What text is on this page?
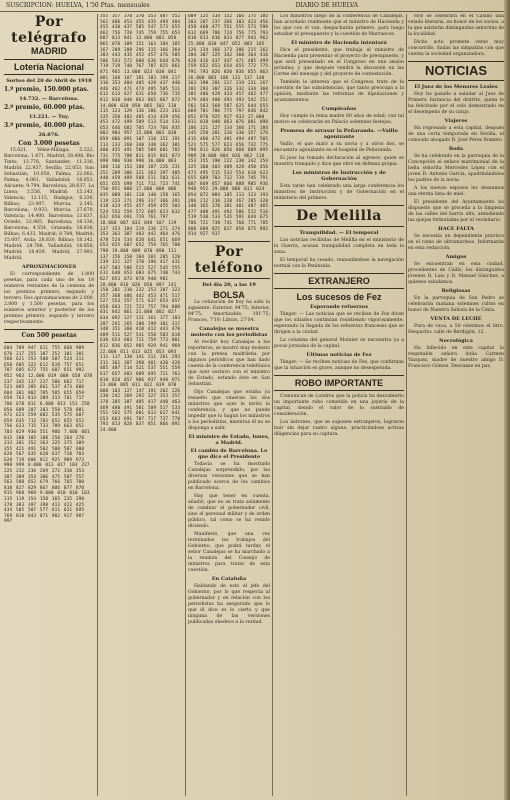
SUSCRIPCION: HUELVA, 1'50 Ptas. mensuales	DIARIO DE HUELVA
Por telégrafo
MADRID
Lotería Nacional
Sorteo del 20 de Abril de 1918
1.º premio, 150.000 ptas.
14.732. — Barcelona.
2.º premio, 60.000 ptas.
13.221. — Tuy.
3.º premio, 40.000 ptas.
26.876.
Con 3.000 pesetas

15.021, Vélez-Málaga; 5.322, Barcelona; 1.471, Madrid; 28.408, Río Tinto; 13.776, Santander; 11.336, Madrid; 22.937, Sevilla; 22.053, San Sebastián; 10.050, Palma; 22.002, Palma; 4.061, Valladolid; 18.853, Alicante; 9.794, Barcelona; 28.637, La Linea; 3.556, Madrid; 15.143, Valencia; 12.115, Badajoz; 6.336, Bilbao; 23.407, Murcia; 2.145, Barcelona; 9.933, Murcia; 27.670, Valencia; 14.400, Barcelona; 13.837, Oviedo; 23.985, Barcelona; 18.136, Barcelona; 4.554, Granada; 18.838, Bilbao; 6.433, Madrid; 8.784, Madrid; 15.007, Avila; 28.830, Bilbao; 18.142, Madrid; 28.788, Valladolid; 18.858, Madrid; 18.459, Madrid; 27.993, Madrid.

APROXIMACIONES

El correspondiente de 1.000 pesetas, para cada uno de los 18 números restantes de la centena de los premios primero, segundo y tercero. Dos aproximaciones de 2.000, 2.000 y 1.500 pesetas, para los números anterior y posterior de los premios primero, segundo y tercero respectivamente.

Con 500 pesetas
604 709 947 611 755 668 909 676 217 255 107 252 101 301 560 621 553 508 507 524 211 658 605 322 612 619 757 651 707 605 672 755 607 651 992 952 963 12.000 019 008 658 078 237 345 137 237 506 662 717 523 005 205 661 537 473 606 604 301 802 705 505 655 659 659 763 813 209 313 701 717 706 678 811 6.000 013 151 258 056 609 207 303 558 578 001 672 623 559 002 535 575 607 659 635 712 703 652 655 652 756 623 715 733 789 663 851 703 829 930 551 906 7.000 001 015 100 105 188 250 264 270 313 301 352 363 325 375 309 355 421 491 502 508 507 600 620 567 635 628 637 710 703 620 719 606 812 925 909 973 998 999 8.000 013 017 103 227 225 232 236 269 272 330 353 387 309 354 386 475 507 557 563 588 652 679 766 765 700 810 827 829 867 806 877 870 915 968 969 9.000 010 010 103 115 119 154 158 165 235 290 370 383 397 398 413 423 425 434 505 507 577 611 621 695 769 818 843 871 902 917 987 997
355 357 378 370 353 487 552 562 406 453 455 435 494 484 455 430 437 505 547 573 655 662 756 728 745 759 755 653 887 813 841 12.000 001 058 061 078 109 151 163 184 185 167 209 288 296 315 366 364 383 443 435 452 457 476 505 506 543 572 600 636 644 676 719 719 740 767 707 825 861 871 965 13.000 023 038 041 081 160 187 181 183 199 217 316 353 404 405 428 437 446 446 462 471 474 495 505 511 612 613 627 631 650 736 735 812 838 840 863 865 867 872 14.000 020 050 065 102 110 115 123 129 136 206 223 263 335 350 402 405 414 429 456 453 472 499 509 513 514 531 653 646 682 705 724 766 835 882 903 957 15.000 003 038 059 086 091 107 110 151 191 213 233 268 340 348 362 381 400 455 491 505 509 601 702 731 775 780 811 815 841 873 890 906 930 990 16.000 063 108 116 153 180 187 226 231 251 289 306 321 363 397 405 440 459 489 508 511 583 611 651 655 698 711 711 723 741 750 851 888 17.000 000 006 035 088 101 110 140 158 165 219 223 271 296 317 366 391 418 424 455 457 459 455 503 524 553 559 572 605 623 632 632 656 691 719 761 797 18.000 007 033 048 107 119 137 153 184 219 236 271 274 353 363 387 403 442 464 476 478 524 534 620 641 651 669 653 655 687 652 759 765 780 798 19.000 009 070 090 111 137 156 158 184 201 205 228 239 321 327 370 396 417 431 437 503 506 515 527 545 555 611 640 653 683 675 740 743 827 853 873 878 948 981 20.000 016 026 050 097 141 158 201 210 232 253 287 323 357 368 406 442 453 471 517 527 553 557 571 637 653 657 658 663 721 723 757 794 800 831 842 861 21.000 002 027 034 092 127 131 161 177 183 207 241 265 288 299 301 317 348 351 368 410 412 443 470 489 511 527 541 550 583 618 630 654 683 711 759 773 801 812 836 852 905 929 941 969 22.000 011 013 025 053 093 111 117 138 141 211 261 293 311 361 387 398 401 420 426 485 487 514 521 537 551 559 617 657 683 689 695 721 763 818 828 857 906 937 948 971 23.000 005 011 022 039 070 088 103 127 147 191 202 226 238 242 269 292 327 353 357 378 385 387 405 417 440 463 469 480 491 501 509 517 533 551 562 575 601 613 627 641 653 663 691 707 717 737 778 793 813 828 837 851 866 891 24.000
009 125 134 152 166 175 185 203 207 237 366 383 423 456 458 460 477 551 555 573 596 612 669 706 724 756 775 793 810 813 816 833 877 943 962 25.000 030 047 052 083 105 126 134 166 173 206 215 262 284 307 325 342 360 364 416 420 426 437 447 471 485 499 559 652 653 654 655 772 775 791 793 826 830 836 855 863 26.000 083 106 131 137 140 163 190 201 217 219 231 267 281 293 307 326 332 334 360 381 406 428 433 457 462 477 479 484 488 493 493 542 551 561 563 568 587 625 644 655 669 701 706 775 797 836 842 851 870 925 927 933 27.000 011 018 040 063 076 081 098 106 121 127 134 160 171 184 245 250 281 316 330 357 376 415 460 472 481 494 497 505 521 575 577 623 656 732 775 798 811 826 856 860 889 895 909 28.000 004 026 062 118 153 155 190 222 230 242 254 325 360 403 409 428 450 456 473 495 515 533 554 610 623 655 689 703 712 739 745 791 807 849 857 866 888 905 936 948 952 29.000 006 011 024 054 072 084 105 113 123 193 206 212 216 238 267 285 320 340 365 370 381 401 407 465 477 480 491 492 506 512 516 519 530 533 535 591 644 675 706 721 738 741 760 771 785 800 809 825 837 858 875 892 914 927 937
Por teléfono
Del día 20, a las 19
BOLSA

La cotización de hoy ha sido la siguiente: Exterior, 94'75; Interior, 84'75; Amortizable, 101'75; Francos, 7'10; Libras, 27'04.

Canalejas se muestra molesto con los periodistas

Al recibir hoy Canalejas a los reporteros, se mostró muy molesto con la prensa madrileña por algunos periódicos que han dado cuenta de la conferencia telefónica que ayer sostuvo con el ministro de Estado, estando éste en San Sebastián.

Dijo Canalejas que estaba ya resuelto que vinieran los dos ministros que ayer le invitó la conferencia, y que no puede impedir que lo hagan los ministros a los periodistas, mientras él no se disponga a salir.

El ministro de Estado, lunes, a Madrid.
El cambio de Barcelona. Lo que dice el Presidente

Todavía se ha mostrado Canalejas sorprendido, por las diversas versiones que se han publicado acerca de los cambios en Barcelona.

Hay que tener en cuenta, añadió, que no se trata solamente de cambiar el gobernador civil, sino el personal militar y de orden público, tal como se ha venido diciendo.

Manifestó, que una vez terminados los trabajos del Gobierno, que podrá tardar, el señor Canalejas se ha marchado a la reunión del Consejo de ministros para tratar de esta cuestión.

En Cataluña

Hablando de esto el jefe del Gobierno, por lo que respecta al gobernador y en relación con los periodistas ha asegurado que lo que él dice es lo cierto y que ninguna de las versiones publicadas obedece a la verdad.

Los ministros luego de la conferencia de Canalejas, han acordado realmente que el ministro de Hacienda y los que con él van, despacharán primero, para luego estudiar el presupuesto y la cuestión de Marruecos.

El ministro de Hacienda intentará

Dice el presidente, que trabaja el ministro de Hacienda para presentar el proyecto de presupuesto, y que será presentado en el Congreso en una sesión próxima; y que después vendrá la discusión en las Cortes del mensaje y del proyecto de contestación.

También le interesa que el Congreso trate de la cuestión de las subsistencias, que tanto preocupa a la opinión, mediante las reformas de diputaciones y ayuntamientos.

Cumpleaños

Hoy cumple la reina madre 60 años de edad; con tal motivo se celebrarán en Palacio solemnes festejos.

Promesa de arrasar la Peñaranda. —Vaillo agonizante

Vaillo, el que mató a su novia y a otros dos, se encuentra agonizante en el hospital de Peñaranda.

El juez ha tomado declaración al agresor, quien se muestra tranquilo y dice que obró en defensa propia.

Los ministros de Instrucción y de Gobernación

Esta tarde han celebrado una larga conferencia los ministros de Instrucción y de Gobernación en el ministerio del primero.

De Melilla
Tranquilidad. — El temporal

Las noticias recibidas de Melilla en el ministerio de la Guerra, acusan tranquilidad completa en toda la zona.

El temporal ha cesado, reanudándose la navegación normal con la Península.

EXTRANJERO
Los sucesos de Fez
Esperando refuerzos

Tánger. — Las noticias que se reciben de Fez dicen que los sitiados continúan resistiendo vigorosamente, esperando la llegada de los refuerzos franceses que se dirigen a la ciudad.

La columna del general Moinier se encuentra ya a pocas jornadas de la capital.

Últimas noticias de Fez

Tánger. — Se reciben noticias de Fez, que confirman que la situación es grave, aunque no desesperada.

ROBO IMPORTANTE

Comunican de Londres que la policía ha descubierto un importante robo cometido en una joyería de la capital, siendo el valor de lo sustraído de consideración.

Los ladrones, que se suponen extranjeros, lograron huir sin dejar rastro alguno, practicándose activas diligencias para su captura.

Hoy se celebrará en el Casino una velada literaria, en honor de los socios, a la que asistirán distinguidas señoritas de la localidad.

Dicho acto promete verse muy concurrido, dadas las simpatías con que cuenta la sociedad organizadora.

NOTICIAS
El Juez de los Menores Leales

Hoy ha pasado a saludar al Juez de Primera Instancia del distrito, quien le ha felicitado por el celo demostrado en el desempeño de su cargo.

Viajeros

Ha regresado a esta capital, después de una corta temporada en Sevilla, el conocido abogado D. José Pérez Romero.

Boda

Se ha celebrado en la parroquia de la Concepción el enlace matrimonial de la bella señorita Mercedes López con el joven D. Antonio García, apadrinándolos los padres de la novia.

A los nuevos esposos les deseamos una eterna luna de miel.

El presidente del Ayuntamiento ha dispuesto que se proceda a la limpieza de las calles del barrio alto, atendiendo las quejas formuladas por el vecindario.

HACE FALTA

Se necesita un dependiente práctico en el ramo de ultramarinos. Informarán en esta redacción.

Amigos

Se encuentran en esta ciudad, procedentes de Cádiz, los distinguidos jóvenes D. Luis y D. Manuel Sánchez, a quienes saludamos.

Religiosas

En la parroquia de San Pedro se celebrarán mañana solemnes cultos en honor de Nuestra Señora de la Cinta.

VENTA DE LECHE

Pura de vaca, a 50 céntimos el litro. Despacho: calle de Berdigón, 12.

Necrológica

Ha fallecido en esta capital la respetable señora doña Carmen Vázquez, madre de nuestro amigo D. Francisco Gómez. Descanse en paz.
